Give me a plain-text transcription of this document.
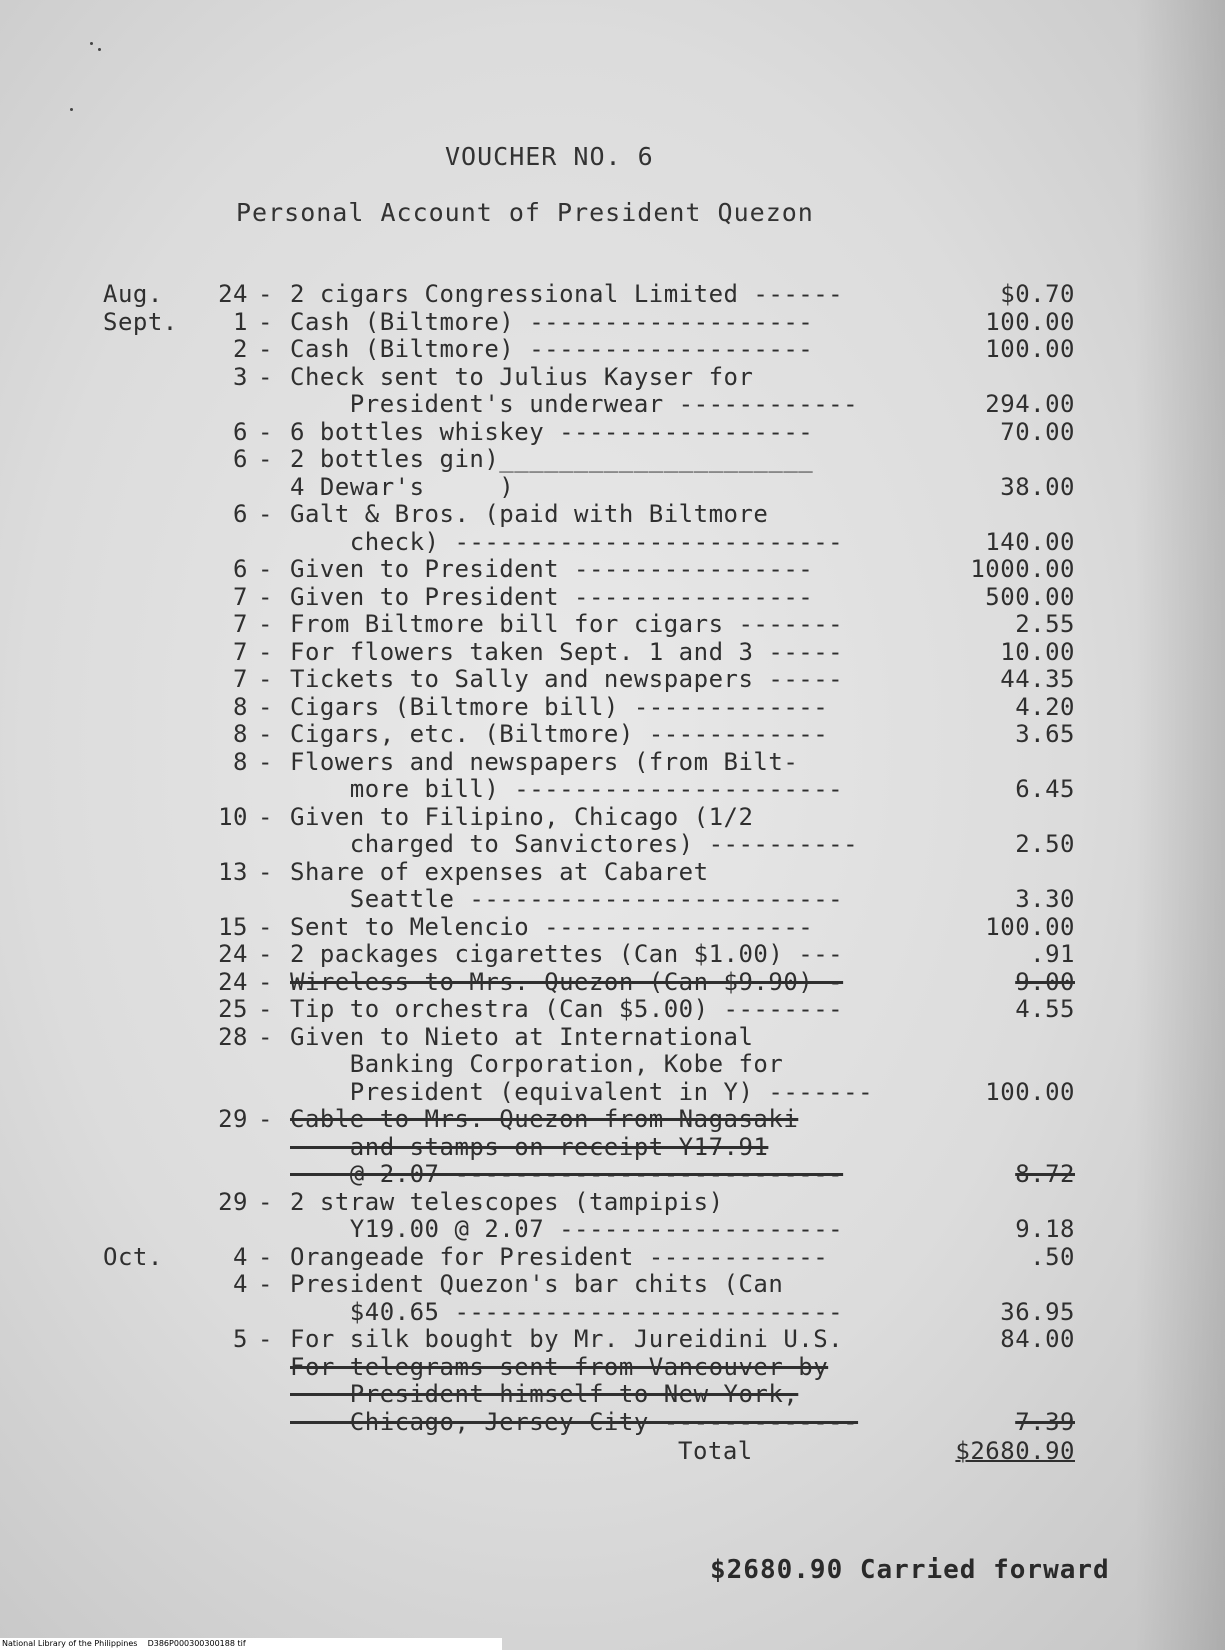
VOUCHER NO. 6
Personal Account of President Quezon
Aug.	24 - 2 cigars Congressional Limited ------	$0.70
Sept.	1 - Cash (Biltmore) -------------------	100.00
2 - Cash (Biltmore) -------------------	100.00
3 - Check sent to Julius Kayser for
President's underwear ------------	294.00
6 - 6 bottles whiskey -----------------	70.00
6 - 2 bottles gin)_____________________
4 Dewar's     )	38.00
6 - Galt & Bros. (paid with Biltmore
check) --------------------------	140.00
6 - Given to President ----------------	1000.00
7 - Given to President ----------------	500.00
7 - From Biltmore bill for cigars -------	2.55
7 - For flowers taken Sept. 1 and 3 -----	10.00
7 - Tickets to Sally and newspapers -----	44.35
8 - Cigars (Biltmore bill) -------------	4.20
8 - Cigars, etc. (Biltmore) ------------	3.65
8 - Flowers and newspapers (from Bilt-
more bill) ----------------------	6.45
10 - Given to Filipino, Chicago (1/2
charged to Sanvictores) ----------	2.50
13 - Share of expenses at Cabaret
Seattle -------------------------	3.30
15 - Sent to Melencio ------------------	100.00
24 - 2 packages cigarettes (Can $1.00) ---	.91
24 - Wireless to Mrs. Quezon (Can $9.90) -	9.00
25 - Tip to orchestra (Can $5.00) --------	4.55
28 - Given to Nieto at International
Banking Corporation, Kobe for
President (equivalent in Y) -------	100.00
29 - Cable to Mrs. Quezon from Nagasaki
and stamps on receipt Y17.91
@ 2.07 --------------------------	8.72
29 - 2 straw telescopes (tampipis)
Y19.00 @ 2.07 -------------------	9.18
Oct.	4 - Orangeade for President ------------	.50
4 - President Quezon's bar chits (Can
$40.65 --------------------------	36.95
5 - For silk bought by Mr. Jureidini U.S.	84.00
For telegrams sent from Vancouver by
President himself to New York,
Chicago, Jersey City -------------	7.39
Total	$2680.90
$2680.90 Carried forward
National Library of the Philippines    D386P000300300188 tif
